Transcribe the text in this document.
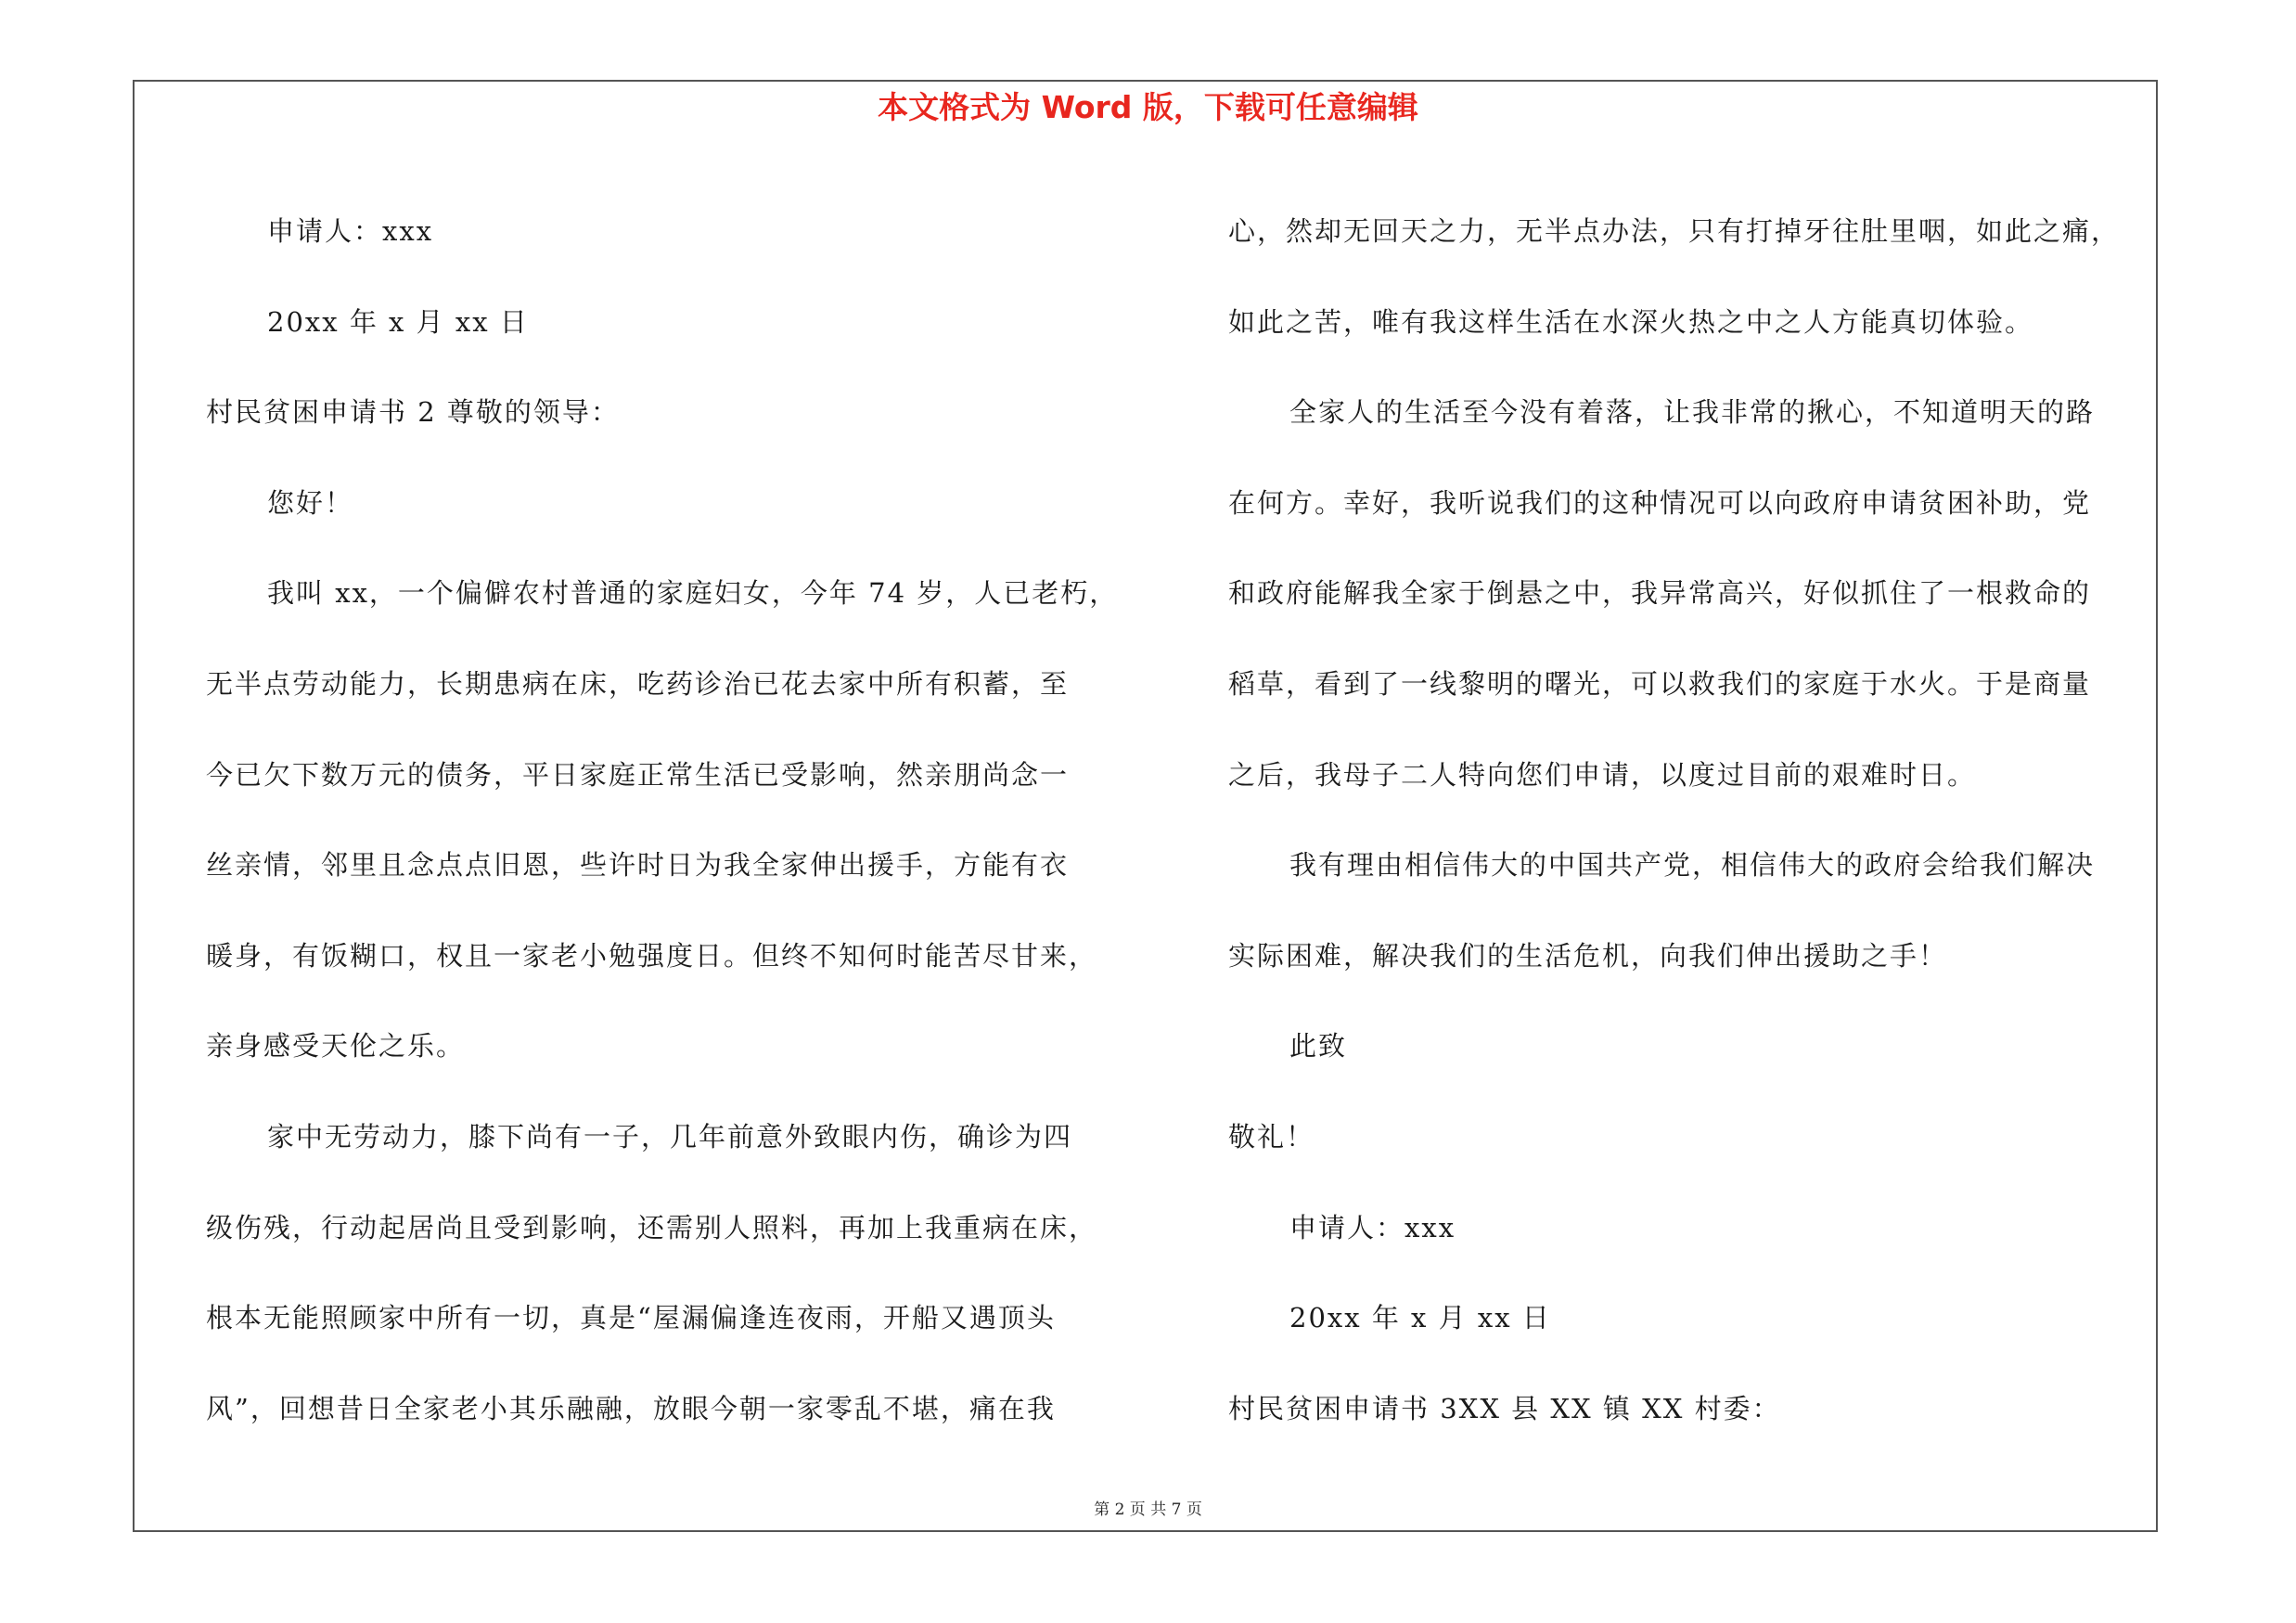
本文格式为 Word 版，下载可任意编辑
申请人：xxx
20xx 年 x 月 xx 日
村民贫困申请书 2 尊敬的领导：
您好！
我叫 xx，一个偏僻农村普通的家庭妇女，今年 74 岁，人已老朽，
无半点劳动能力，长期患病在床，吃药诊治已花去家中所有积蓄，至
今已欠下数万元的债务，平日家庭正常生活已受影响，然亲朋尚念一
丝亲情，邻里且念点点旧恩，些许时日为我全家伸出援手，方能有衣
暖身，有饭糊口，权且一家老小勉强度日。但终不知何时能苦尽甘来，
亲身感受天伦之乐。
家中无劳动力，膝下尚有一子，几年前意外致眼内伤，确诊为四
级伤残，行动起居尚且受到影响，还需别人照料，再加上我重病在床，
根本无能照顾家中所有一切，真是“屋漏偏逢连夜雨，开船又遇顶头
风”，回想昔日全家老小其乐融融，放眼今朝一家零乱不堪，痛在我
心，然却无回天之力，无半点办法，只有打掉牙往肚里咽，如此之痛，
如此之苦，唯有我这样生活在水深火热之中之人方能真切体验。
全家人的生活至今没有着落，让我非常的揪心，不知道明天的路
在何方。幸好，我听说我们的这种情况可以向政府申请贫困补助，党
和政府能解我全家于倒悬之中，我异常高兴，好似抓住了一根救命的
稻草，看到了一线黎明的曙光，可以救我们的家庭于水火。于是商量
之后，我母子二人特向您们申请，以度过目前的艰难时日。
我有理由相信伟大的中国共产党，相信伟大的政府会给我们解决
实际困难，解决我们的生活危机，向我们伸出援助之手！
此致
敬礼！
申请人：xxx
20xx 年 x 月 xx 日
村民贫困申请书 3XX 县 XX 镇 XX 村委：
第 2 页 共 7 页
